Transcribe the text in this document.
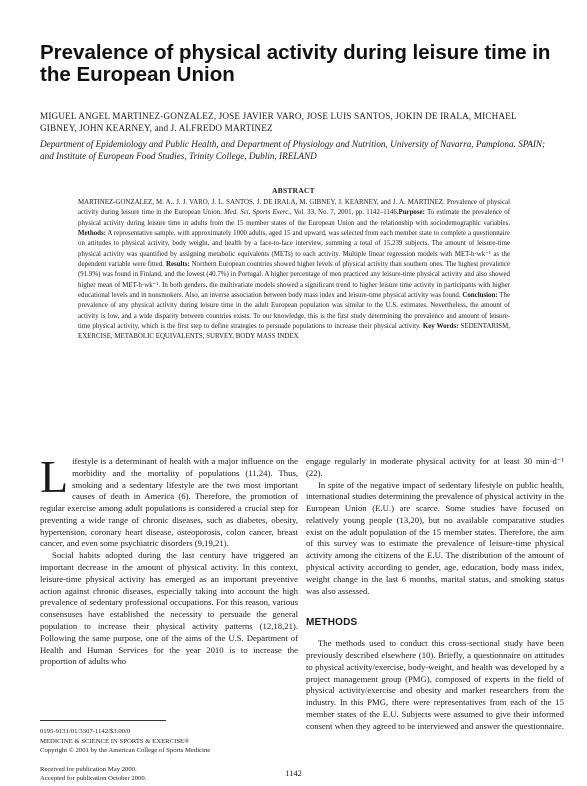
Prevalence of physical activity during leisure time in the European Union
MIGUEL ANGEL MARTINEZ-GONZALEZ, JOSE JAVIER VARO, JOSE LUIS SANTOS, JOKIN DE IRALA, MICHAEL GIBNEY, JOHN KEARNEY, and J. ALFREDO MARTINEZ
Department of Epidemiology and Public Health, and Department of Physiology and Nutrition, University of Navarra, Pamplona. SPAIN; and Institute of European Food Studies, Trinity College, Dublin, IRELAND
ABSTRACT
MARTINEZ-GONZALEZ, M. A., J. J. VARO, J. L. SANTOS, J. DE IRALA, M. GIBNEY, J. KEARNEY, and J. A. MARTINEZ. Prevalence of physical activity during leisure time in the European Union. Med. Sci. Sports Exerc., Vol. 33, No. 7, 2001, pp. 1142–1146.Purpose: To estimate the prevalence of physical activity during leisure time in adults from the 15 member states of the European Union and the relationship with sociodemographic variables. Methods: A representative sample, with approximately 1000 adults, aged 15 and upward, was selected from each member state to complete a questionnaire on attitudes to physical activity, body weight, and health by a face-to-face interview, summing a total of 15,239 subjects. The amount of leisure-time physical activity was quantified by assigning metabolic equivalents (METs) to each activity. Multiple linear regression models with MET-h·wk⁻¹ as the dependent variable were fitted. Results: Northern European countries showed higher levels of physical activity than southern ones. The highest prevalence (91.9%) was found in Finland, and the lowest (40.7%) in Portugal. A higher percentage of men practiced any leisure-time physical activity and also showed higher mean of MET-h·wk⁻¹. In both genders, the multivariate models showed a significant trend to higher leisure time activity in participants with higher educational levels and in nonsmokers. Also, an inverse association between body mass index and leisure-time physical activity was found. Conclusion: The prevalence of any physical activity during leisure time in the adult European population was similar to the U.S. estimates. Nevertheless, the amount of activity is low, and a wide disparity between countries exists. To our knowledge, this is the first study determining the prevalence and amount of leisure-time physical activity, which is the first step to define strategies to persuade populations to increase their physical activity. Key Words: SEDENTARISM, EXERCISE, METABOLIC EQUIVALENTS, SURVEY, BODY MASS INDEX

Lifestyle is a determinant of health with a major influence on the morbidity and the mortality of populations (11,24). Thus, smoking and a sedentary lifestyle are the two most important causes of death in America (6). Therefore, the promotion of regular exercise among adult populations is considered a crucial step for preventing a wide range of chronic diseases, such as diabetes, obesity, hypertension, coronary heart disease, osteoporosis, colon cancer, breast cancer, and even some psychiatric disorders (9,19,21).

Social habits adopted during the last century have triggered an important decrease in the amount of physical activity. In this context, leisure-time physical activity has emerged as an important preventive action against chronic diseases, especially taking into account the high prevalence of sedentary professional occupations. For this reason, various consensuses have established the necessity to persuade the general population to increase their physical activity patterns (12,18,21). Following the same purpose, one of the aims of the U.S. Department of Health and Human Services for the year 2010 is to increase the proportion of adults who

engage regularly in moderate physical activity for at least 30 min·d⁻¹ (22).

In spite of the negative impact of sedentary lifestyle on public health, international studies determining the prevalence of physical activity in the European Union (E.U.) are scarce. Some studies have focused on relatively young people (13,20), but no available comparative studies exist on the adult population of the 15 member states. Therefore, the aim of this survey was to estimate the prevalence of leisure-time physical activity among the citizens of the E.U. The distribution of the amount of physical activity according to gender, age, education, body mass index, weight change in the last 6 months, marital status, and smoking status was also assessed.

METHODS

The methods used to conduct this cross-sectional study have been previously described elsewhere (10). Briefly, a questionnaire on attitudes to physical activity/exercise, body-weight, and health was developed by a project management group (PMG), composed of experts in the field of physical activity/exercise and obesity and market researchers from the industry. In this PMG, there were representatives from each of the 15 member states of the E.U. Subjects were assumed to give their informed consent when they agreed to be interviewed and answer the questionnaire.

0195-9131/01/3307-1142/$3.00/0
MEDICINE & SCIENCE IN SPORTS & EXERCISE®
Copyright © 2001 by the American College of Sports Medicine
Received for publication May 2000.
Accepted for publication October 2000.
1142
